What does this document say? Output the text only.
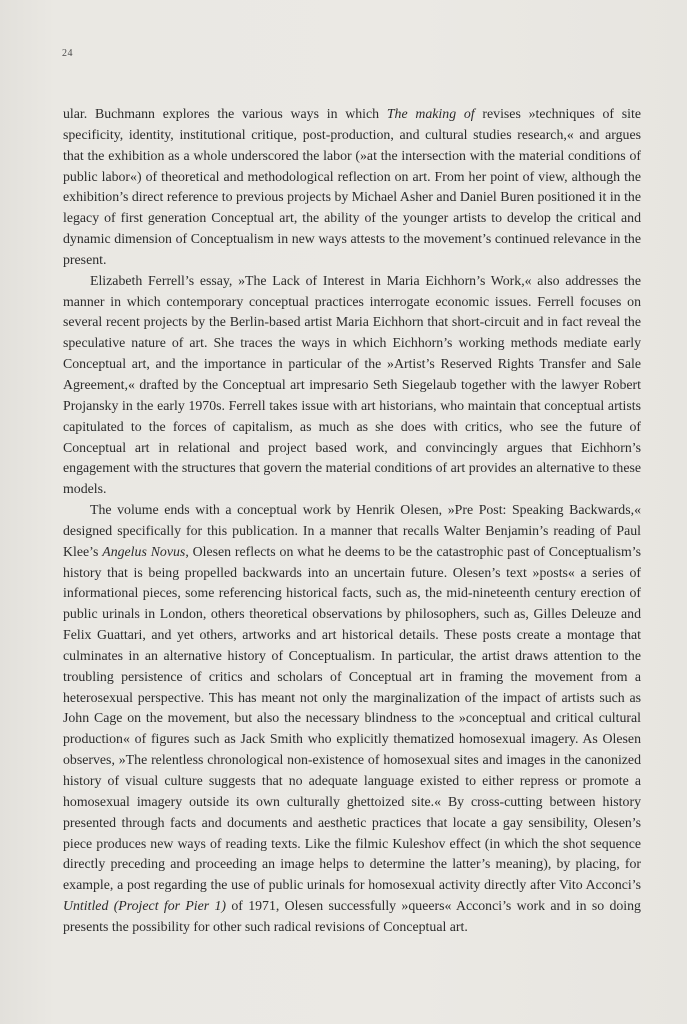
24

ular. Buchmann explores the various ways in which The making of revises »techniques of site specificity, identity, institutional critique, post-production, and cultural studies research,« and argues that the exhibition as a whole underscored the labor (»at the intersection with the material conditions of public labor«) of theoretical and methodological reflection on art. From her point of view, although the exhibition’s direct reference to previous projects by Michael Asher and Daniel Buren positioned it in the legacy of first generation Conceptual art, the ability of the younger artists to develop the critical and dynamic dimension of Conceptualism in new ways attests to the movement’s continued relevance in the present.

Elizabeth Ferrell’s essay, »The Lack of Interest in Maria Eichhorn’s Work,« also addresses the manner in which contemporary conceptual practices interrogate economic issues. Ferrell focuses on several recent projects by the Berlin-based artist Maria Eichhorn that short-circuit and in fact reveal the speculative nature of art. She traces the ways in which Eichhorn’s working methods mediate early Conceptual art, and the importance in particular of the »Artist’s Reserved Rights Transfer and Sale Agreement,« drafted by the Conceptual art impresario Seth Siegelaub together with the lawyer Robert Projansky in the early 1970s. Ferrell takes issue with art historians, who maintain that conceptual artists capitulated to the forces of capitalism, as much as she does with critics, who see the future of Conceptual art in relational and project based work, and convincingly argues that Eichhorn’s engagement with the structures that govern the material conditions of art provides an alternative to these models.

The volume ends with a conceptual work by Henrik Olesen, »Pre Post: Speaking Backwards,« designed specifically for this publication. In a manner that recalls Walter Benjamin’s reading of Paul Klee’s Angelus Novus, Olesen reflects on what he deems to be the catastrophic past of Conceptualism’s history that is being propelled backwards into an uncertain future. Olesen’s text »posts« a series of informational pieces, some referencing historical facts, such as, the mid-nineteenth century erection of public urinals in London, others theoretical observations by philosophers, such as, Gilles Deleuze and Felix Guattari, and yet others, artworks and art historical details. These posts create a montage that culminates in an alternative history of Conceptualism. In particular, the artist draws attention to the troubling persistence of critics and scholars of Conceptual art in framing the movement from a heterosexual perspective. This has meant not only the marginalization of the impact of artists such as John Cage on the movement, but also the necessary blindness to the »conceptual and critical cultural production« of figures such as Jack Smith who explicitly thematized homosexual imagery. As Olesen observes, »The relentless chronological non-existence of homosexual sites and images in the canonized history of visual culture suggests that no adequate language existed to either repress or promote a homosexual imagery outside its own culturally ghettoized site.« By cross-cutting between history presented through facts and documents and aesthetic practices that locate a gay sensibility, Olesen’s piece produces new ways of reading texts. Like the filmic Kuleshov effect (in which the shot sequence directly preceding and proceeding an image helps to determine the latter’s meaning), by placing, for example, a post regarding the use of public urinals for homosexual activity directly after Vito Acconci’s Untitled (Project for Pier 1) of 1971, Olesen successfully »queers« Acconci’s work and in so doing presents the possibility for other such radical revisions of Conceptual art.
